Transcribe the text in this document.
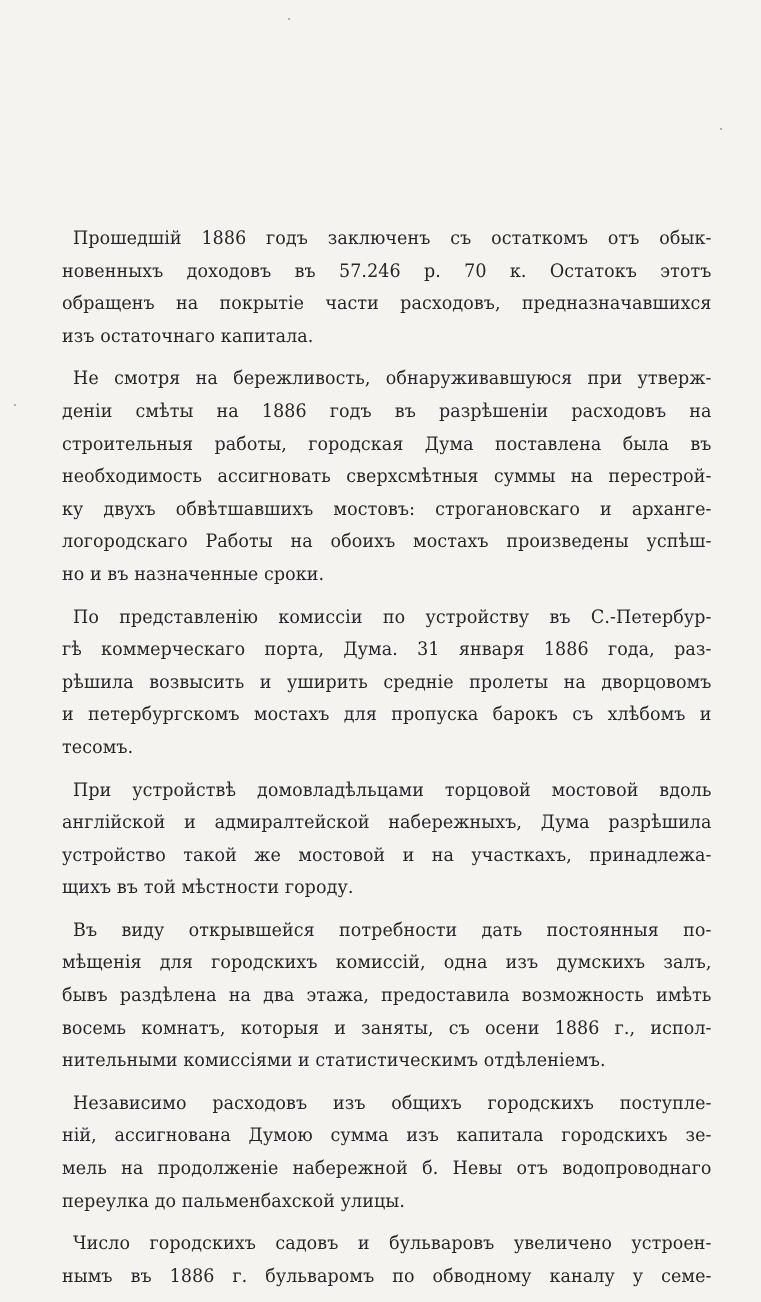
Прошедшій 1886 годъ заключенъ съ остаткомъ отъ обык-
новенныхъ доходовъ въ 57.246 р. 70 к. Остатокъ этотъ
обращенъ на покрытіе части расходовъ, предназначавшихся
изъ остаточнаго капитала.
Не смотря на бережливость, обнаруживавшуюся при утверж-
деніи смѣты на 1886 годъ въ разрѣшеніи расходовъ на
строительныя работы, городская Дума поставлена была въ
необходимость ассигновать сверхсмѣтныя суммы на перестрой-
ку двухъ обвѣтшавшихъ мостовъ: строгановскаго и арханге-
логородскаго Работы на обоихъ мостахъ произведены успѣш-
но и въ назначенные сроки.
По представленію комиссіи по устройству въ С.-Петербур-
гѣ коммерческаго порта, Дума. 31 января 1886 года, раз-
рѣшила возвысить и уширить средніе пролеты на дворцовомъ
и петербургскомъ мостахъ для пропуска барокъ съ хлѣбомъ и
тесомъ.
При устройствѣ домовладѣльцами торцовой мостовой вдоль
англійской и адмиралтейской набережныхъ, Дума разрѣшила
устройство такой же мостовой и на участкахъ, принадлежа-
щихъ въ той мѣстности городу.
Въ виду открывшейся потребности дать постоянныя по-
мѣщенія для городскихъ комиссій, одна изъ думскихъ залъ,
бывъ раздѣлена на два этажа, предоставила возможность имѣть
восемь комнатъ, которыя и заняты, съ осени 1886 г., испол-
нительными комиссіями и статистическимъ отдѣленіемъ.
Независимо расходовъ изъ общихъ городскихъ поступле-
ній, ассигнована Думою сумма изъ капитала городскихъ зе-
мель на продолженіе набережной б. Невы отъ водопроводнаго
переулка до пальменбахской улицы.
Число городскихъ садовъ и бульваровъ увеличено устроен-
нымъ въ 1886 г. бульваромъ по обводному каналу у семе-
